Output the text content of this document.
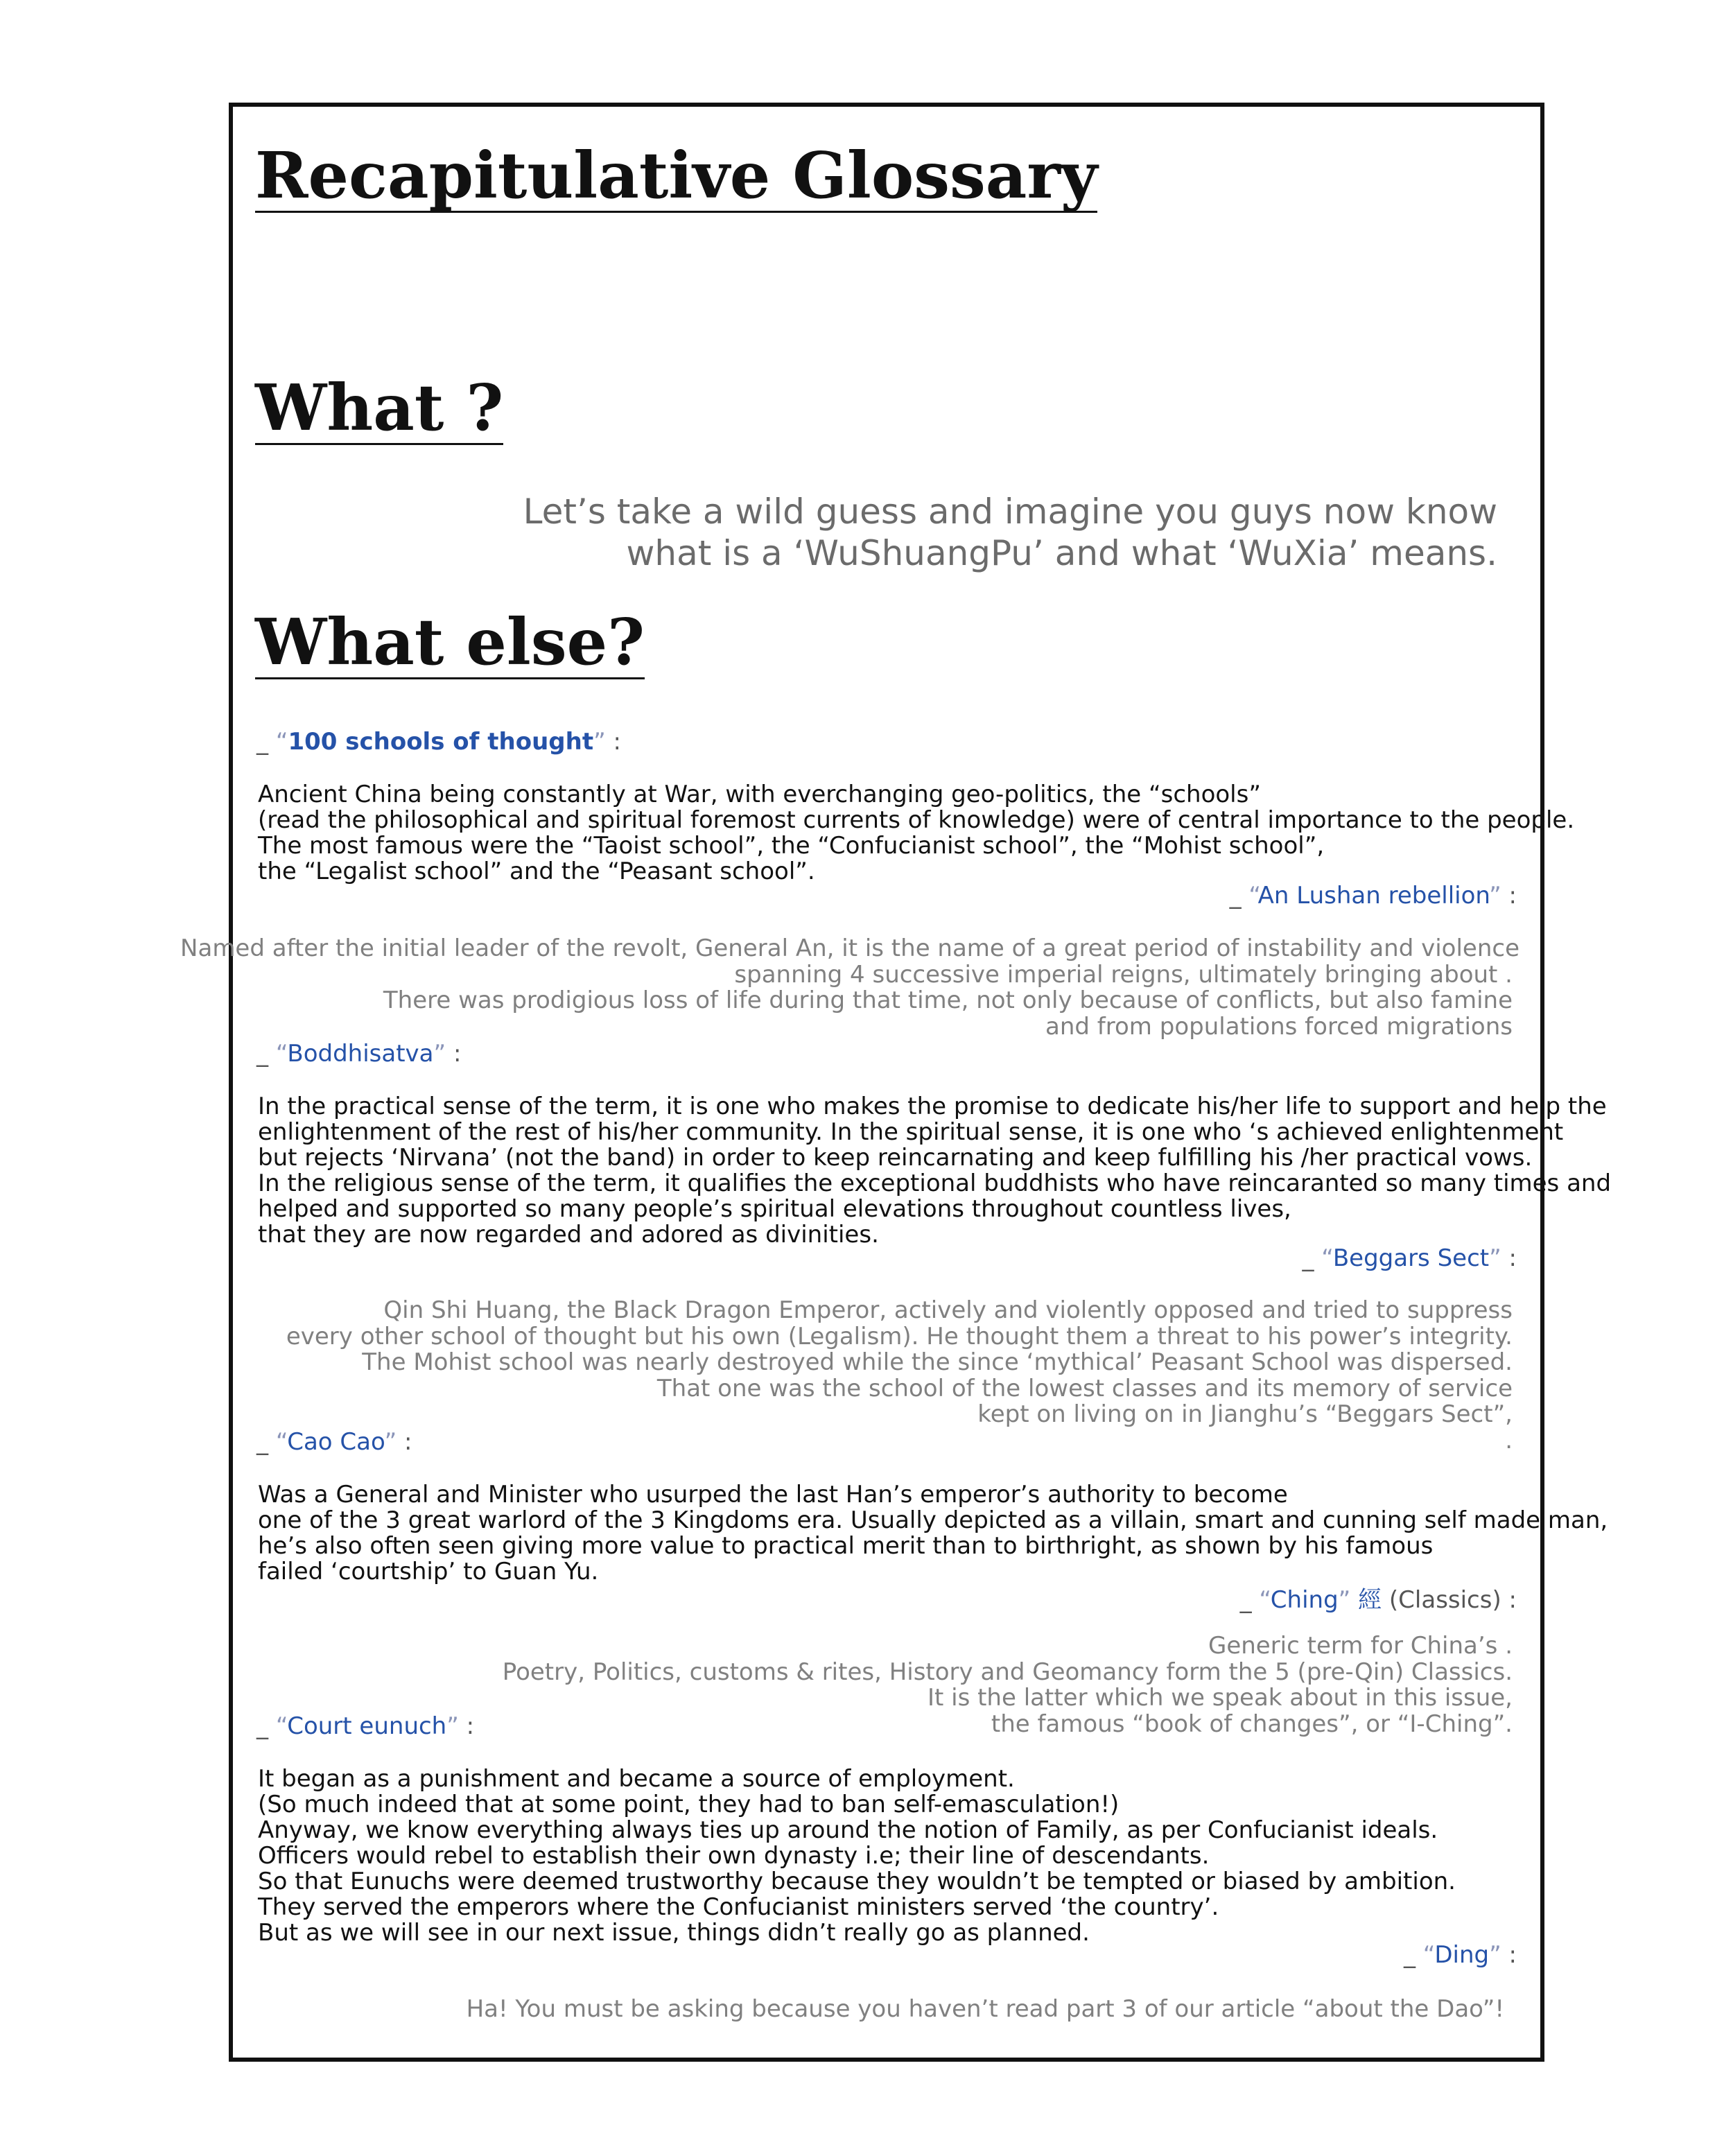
Recapitulative Glossary
What ?
Let’s take a wild guess and imagine you guys now know
what is a ‘WuShuangPu’ and what ‘WuXia’ means.
What else?
_ “100 schools of thought” :
Ancient China being constantly at War, with everchanging geo-politics, the “schools”
(read the philosophical and spiritual foremost currents of knowledge) were of central importance to the people.
The most famous were the “Taoist school”, the “Confucianist school”, the “Mohist school”,
the “Legalist school” and the “Peasant school”.
_ “An Lushan rebellion” :
Named after the initial leader of the revolt, General An, it is the name of a great period of instability and violence
spanning 4 successive imperial reigns, ultimately bringing about .
There was prodigious loss of life during that time, not only because of conflicts, but also famine
and from populations forced migrations
_ “Boddhisatva” :
In the practical sense of the term, it is one who makes the promise to dedicate his/her life to support and help the
enlightenment of the rest of his/her community. In the spiritual sense, it is one who ‘s achieved enlightenment
but rejects ‘Nirvana’ (not the band) in order to keep reincarnating and keep fulfilling his /her practical vows.
In the religious sense of the term, it qualifies the exceptional buddhists who have reincaranted so many times and
helped and supported so many people’s spiritual elevations throughout countless lives,
that they are now regarded and adored as divinities.
_ “Beggars Sect” :
Qin Shi Huang, the Black Dragon Emperor, actively and violently opposed and tried to suppress
every other school of thought but his own (Legalism). He thought them a threat to his power’s integrity.
The Mohist school was nearly destroyed while the since ‘mythical’ Peasant School was dispersed.
That one was the school of the lowest classes and its memory of service
kept on living on in Jianghu’s “Beggars Sect”,
.
_ “Cao Cao” :
Was a General and Minister who usurped the last Han’s emperor’s authority to become
one of the 3 great warlord of the 3 Kingdoms era. Usually depicted as a villain, smart and cunning self made man,
he’s also often seen giving more value to practical merit than to birthright, as shown by his famous
failed ‘courtship’ to Guan Yu.
_ “Ching” 經 (Classics) :
Generic term for China’s .
Poetry, Politics, customs & rites, History and Geomancy form the 5 (pre-Qin) Classics.
It is the latter which we speak about in this issue,
the famous “book of changes”, or “I-Ching”.
_ “Court eunuch” :
It began as a punishment and became a source of employment.
(So much indeed that at some point, they had to ban self-emasculation!)
Anyway, we know everything always ties up around the notion of Family, as per Confucianist ideals.
Officers would rebel to establish their own dynasty i.e; their line of descendants.
So that Eunuchs were deemed trustworthy because they wouldn’t be tempted or biased by ambition.
They served the emperors where the Confucianist ministers served ‘the country’.
But as we will see in our next issue, things didn’t really go as planned.
_ “Ding” :
Ha! You must be asking because you haven’t read part 3 of our article “about the Dao”!
